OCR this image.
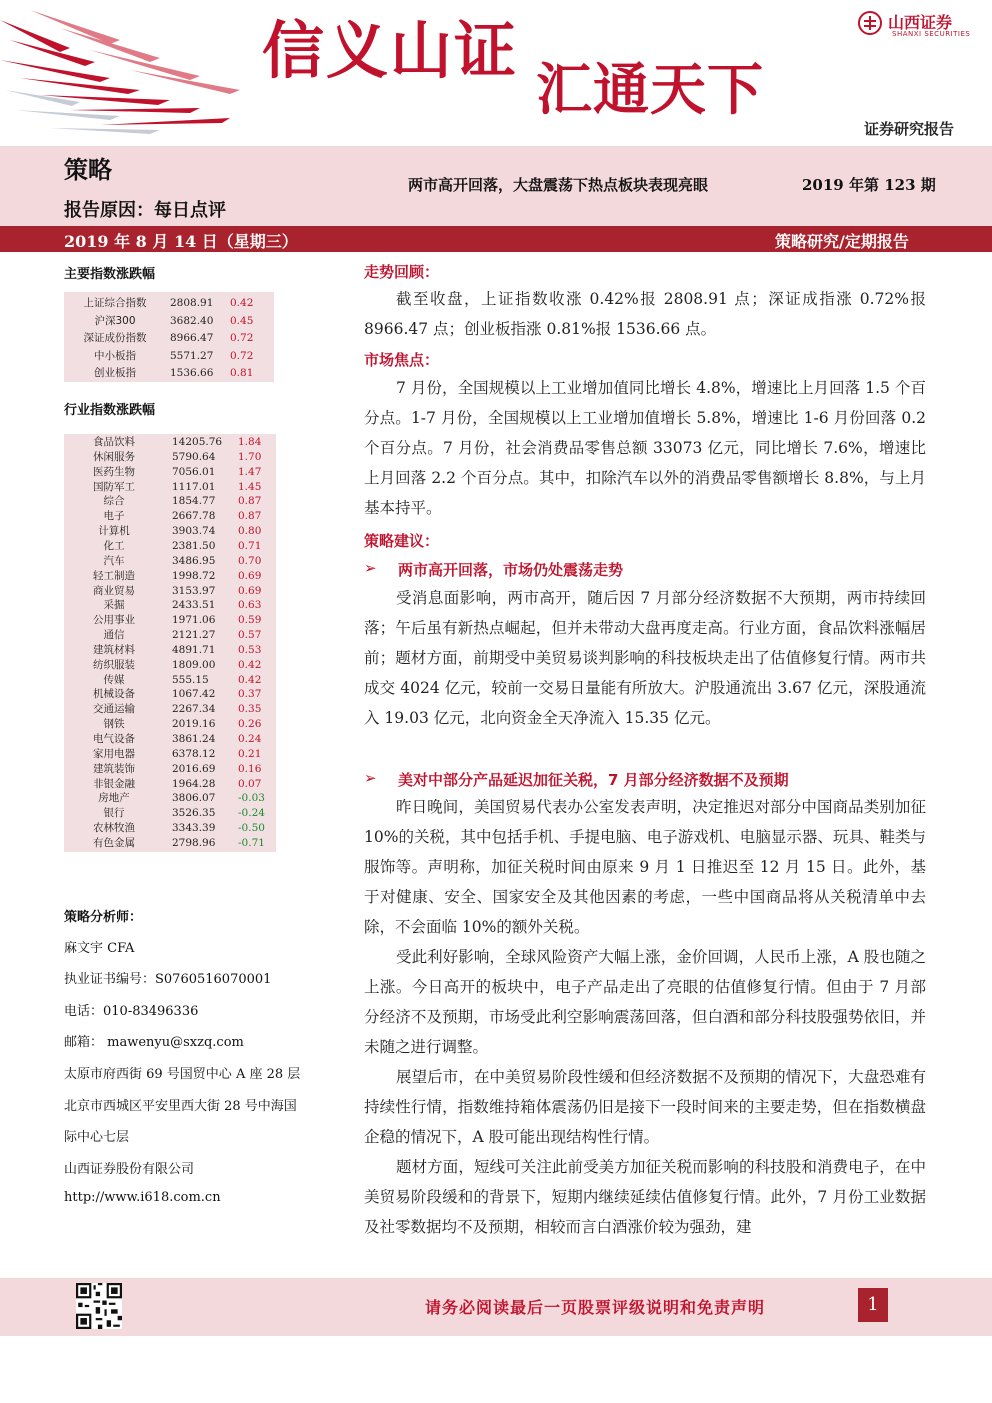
信义山证
汇通天下
山西证券
SHANXI SECURITIES
证券研究报告
策略
两市高开回落，大盘震荡下热点板块表现亮眼	2019 年第 123 期
报告原因：每日点评
2019 年 8 月 14 日（星期三）	策略研究/定期报告
主要指数涨跌幅
上证综合指数	2808.91	0.42
沪深300	3682.40	0.45
深证成份指数	8966.47	0.72
中小板指	5571.27	0.72
创业板指	1536.66	0.81
行业指数涨跌幅
食品饮料	14205.76 1.84
休闲服务	5790.64	1.70
医药生物	7056.01	1.47
国防军工	1117.01	1.45
综合	1854.77	0.87
电子	2667.78	0.87
计算机	3903.74	0.80
化工	2381.50	0.71
汽车	3486.95	0.70
轻工制造	1998.72	0.69
商业贸易	3153.97	0.69
采掘	2433.51	0.63
公用事业	1971.06	0.59
通信	2121.27	0.57
建筑材料	4891.71	0.53
纺织服装	1809.00	0.42
传媒	555.15	0.42
机械设备	1067.42	0.37
交通运输	2267.34	0.35
钢铁	2019.16	0.26
电气设备	3861.24	0.24
家用电器	6378.12	0.21
建筑装饰	2016.69	0.16
非银金融	1964.28	0.07
房地产	3806.07	-0.03
银行	3526.35	-0.24
农林牧渔	3343.39	-0.50
有色金属	2798.96	-0.71
策略分析师：
麻文宇 CFA
执业证书编号：S0760516070001
电话：010-83496336
邮箱： mawenyu@sxzq.com
太原市府西街 69 号国贸中心 A 座 28 层
北京市西城区平安里西大街 28 号中海国
际中心七层
山西证券股份有限公司
http://www.i618.com.cn
走势回顾：
截至收盘，上证指数收涨 0.42%报 2808.91 点；深证成指涨 0.72%报 8966.47 点；创业板指涨 0.81%报 1536.66 点。
市场焦点：
7 月份，全国规模以上工业增加值同比增长 4.8%，增速比上月回落 1.5 个百分点。1-7 月份，全国规模以上工业增加值增长 5.8%，增速比 1-6 月份回落 0.2 个百分点。7 月份，社会消费品零售总额 33073 亿元，同比增长 7.6%，增速比上月回落 2.2 个百分点。其中，扣除汽车以外的消费品零售额增长 8.8%，与上月基本持平。
策略建议：
➢ 两市高开回落，市场仍处震荡走势
受消息面影响，两市高开，随后因 7 月部分经济数据不大预期，两市持续回落；午后虽有新热点崛起，但并未带动大盘再度走高。行业方面，食品饮料涨幅居前；题材方面，前期受中美贸易谈判影响的科技板块走出了估值修复行情。两市共成交 4024 亿元，较前一交易日量能有所放大。沪股通流出 3.67 亿元，深股通流入 19.03 亿元，北向资金全天净流入 15.35 亿元。
➢ 美对中部分产品延迟加征关税，7 月部分经济数据不及预期
昨日晚间，美国贸易代表办公室发表声明，决定推迟对部分中国商品类别加征 10%的关税，其中包括手机、手提电脑、电子游戏机、电脑显示器、玩具、鞋类与服饰等。声明称，加征关税时间由原来 9 月 1 日推迟至 12 月 15 日。此外，基于对健康、安全、国家安全及其他因素的考虑，一些中国商品将从关税清单中去除，不会面临 10%的额外关税。
受此利好影响，全球风险资产大幅上涨，金价回调，人民币上涨，A 股也随之上涨。今日高开的板块中，电子产品走出了亮眼的估值修复行情。但由于 7 月部分经济不及预期，市场受此利空影响震荡回落，但白酒和部分科技股强势依旧，并未随之进行调整。
展望后市，在中美贸易阶段性缓和但经济数据不及预期的情况下，大盘恐难有持续性行情，指数维持箱体震荡仍旧是接下一段时间来的主要走势，但在指数横盘企稳的情况下，A 股可能出现结构性行情。
题材方面，短线可关注此前受美方加征关税而影响的科技股和消费电子，在中美贸易阶段缓和的背景下，短期内继续延续估值修复行情。此外，7 月份工业数据及社零数据均不及预期，相较而言白酒涨价较为强劲，建
请务必阅读最后一页股票评级说明和免责声明	1
